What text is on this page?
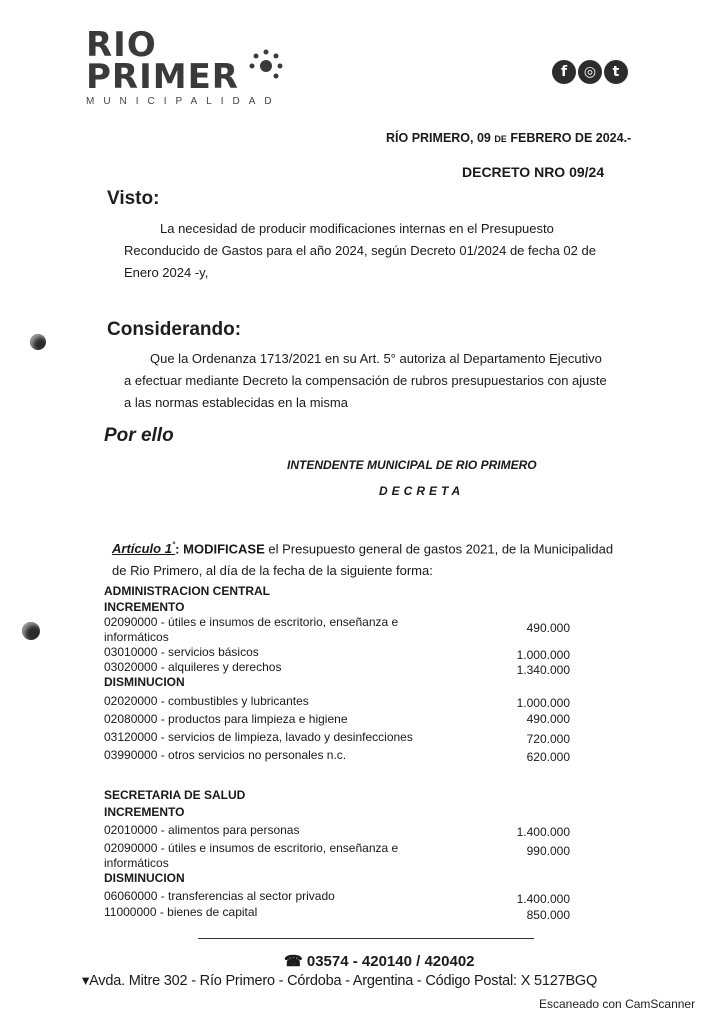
RIO
PRIMER
MUNICIPALIDAD
f	◎	t
RÍO PRIMERO, 09 DE FEBRERO DE 2024.-
DECRETO NRO 09/24
Visto:
La necesidad de producir modificaciones internas en el Presupuesto
Reconducido de Gastos para el año 2024, según Decreto 01/2024 de fecha 02 de
Enero 2024 -y,
Considerando:
Que la Ordenanza 1713/2021 en su Art. 5° autoriza al Departamento Ejecutivo
a efectuar mediante Decreto la compensación de rubros presupuestarios con ajuste
a las normas establecidas en la misma
Por ello
INTENDENTE MUNICIPAL DE RIO PRIMERO
DECRETA
Artículo 1°: MODIFICASE el Presupuesto general de gastos 2021, de la Municipalidad
de Rio Primero, al día de la fecha de la siguiente forma:
ADMINISTRACION CENTRAL
INCREMENTO
02090000 - útiles e insumos de escritorio, enseñanza e	490.000
informáticos
03010000 - servicios básicos	1.000.000
03020000 - alquileres y derechos	1.340.000
DISMINUCION
02020000 - combustibles y lubricantes	1.000.000
02080000 - productos para limpieza e higiene	490.000
03120000 - servicios de limpieza, lavado y desinfecciones	720.000
03990000 - otros servicios no personales n.c.	620.000
SECRETARIA DE SALUD
INCREMENTO
02010000 - alimentos para personas	1.400.000
02090000 - útiles e insumos de escritorio, enseñanza e	990.000
informáticos
DISMINUCION
06060000 - transferencias al sector privado	1.400.000
11000000 - bienes de capital	850.000
☎ 03574 - 420140 / 420402
▾Avda. Mitre 302 - Río Primero - Córdoba - Argentina - Código Postal: X 5127BGQ
Escaneado con CamScanner
